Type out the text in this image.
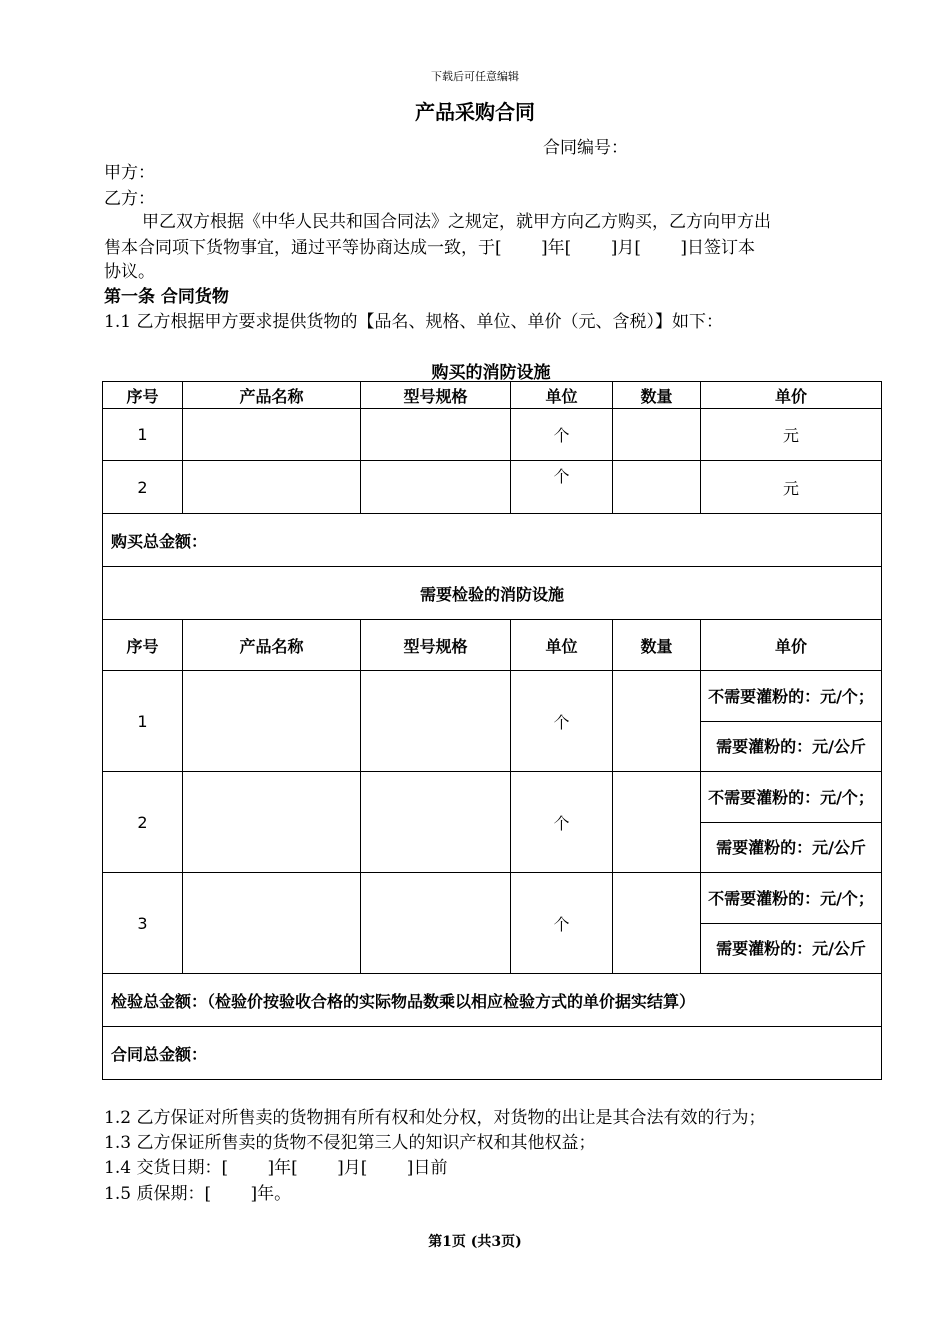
下载后可任意编辑
产品采购合同
合同编号：
甲方：
乙方：
甲乙双方根据《中华人民共和国合同法》之规定，就甲方向乙方购买，乙方向甲方出
售本合同项下货物事宜，通过平等协商达成一致，于[　　 ]年[　　 ]月[　　 ]日签订本
协议。
第一条 合同货物
1.1 乙方根据甲方要求提供货物的【品名、规格、单位、单价（元、含税）】如下：
购买的消防设施
序号	产品名称	型号规格	单位	数量	单价
1			个		元
2			个		元
购买总金额：					
需要检验的消防设施					
序号	产品名称	型号规格	单位	数量	单价
1			个		不需要灌粉的：元/个；
					需要灌粉的：元/公斤
2			个		不需要灌粉的：元/个；
					需要灌粉的：元/公斤
3			个		不需要灌粉的：元/个；
					需要灌粉的：元/公斤
检验总金额：（检验价按验收合格的实际物品数乘以相应检验方式的单价据实结算）					
合同总金额：					
1.2 乙方保证对所售卖的货物拥有所有权和处分权，对货物的出让是其合法有效的行为；
1.3 乙方保证所售卖的货物不侵犯第三人的知识产权和其他权益；
1.4 交货日期：[　　 ]年[　　 ]月[　　 ]日前
1.5 质保期：[　　 ]年。
第1页 (共3页)
